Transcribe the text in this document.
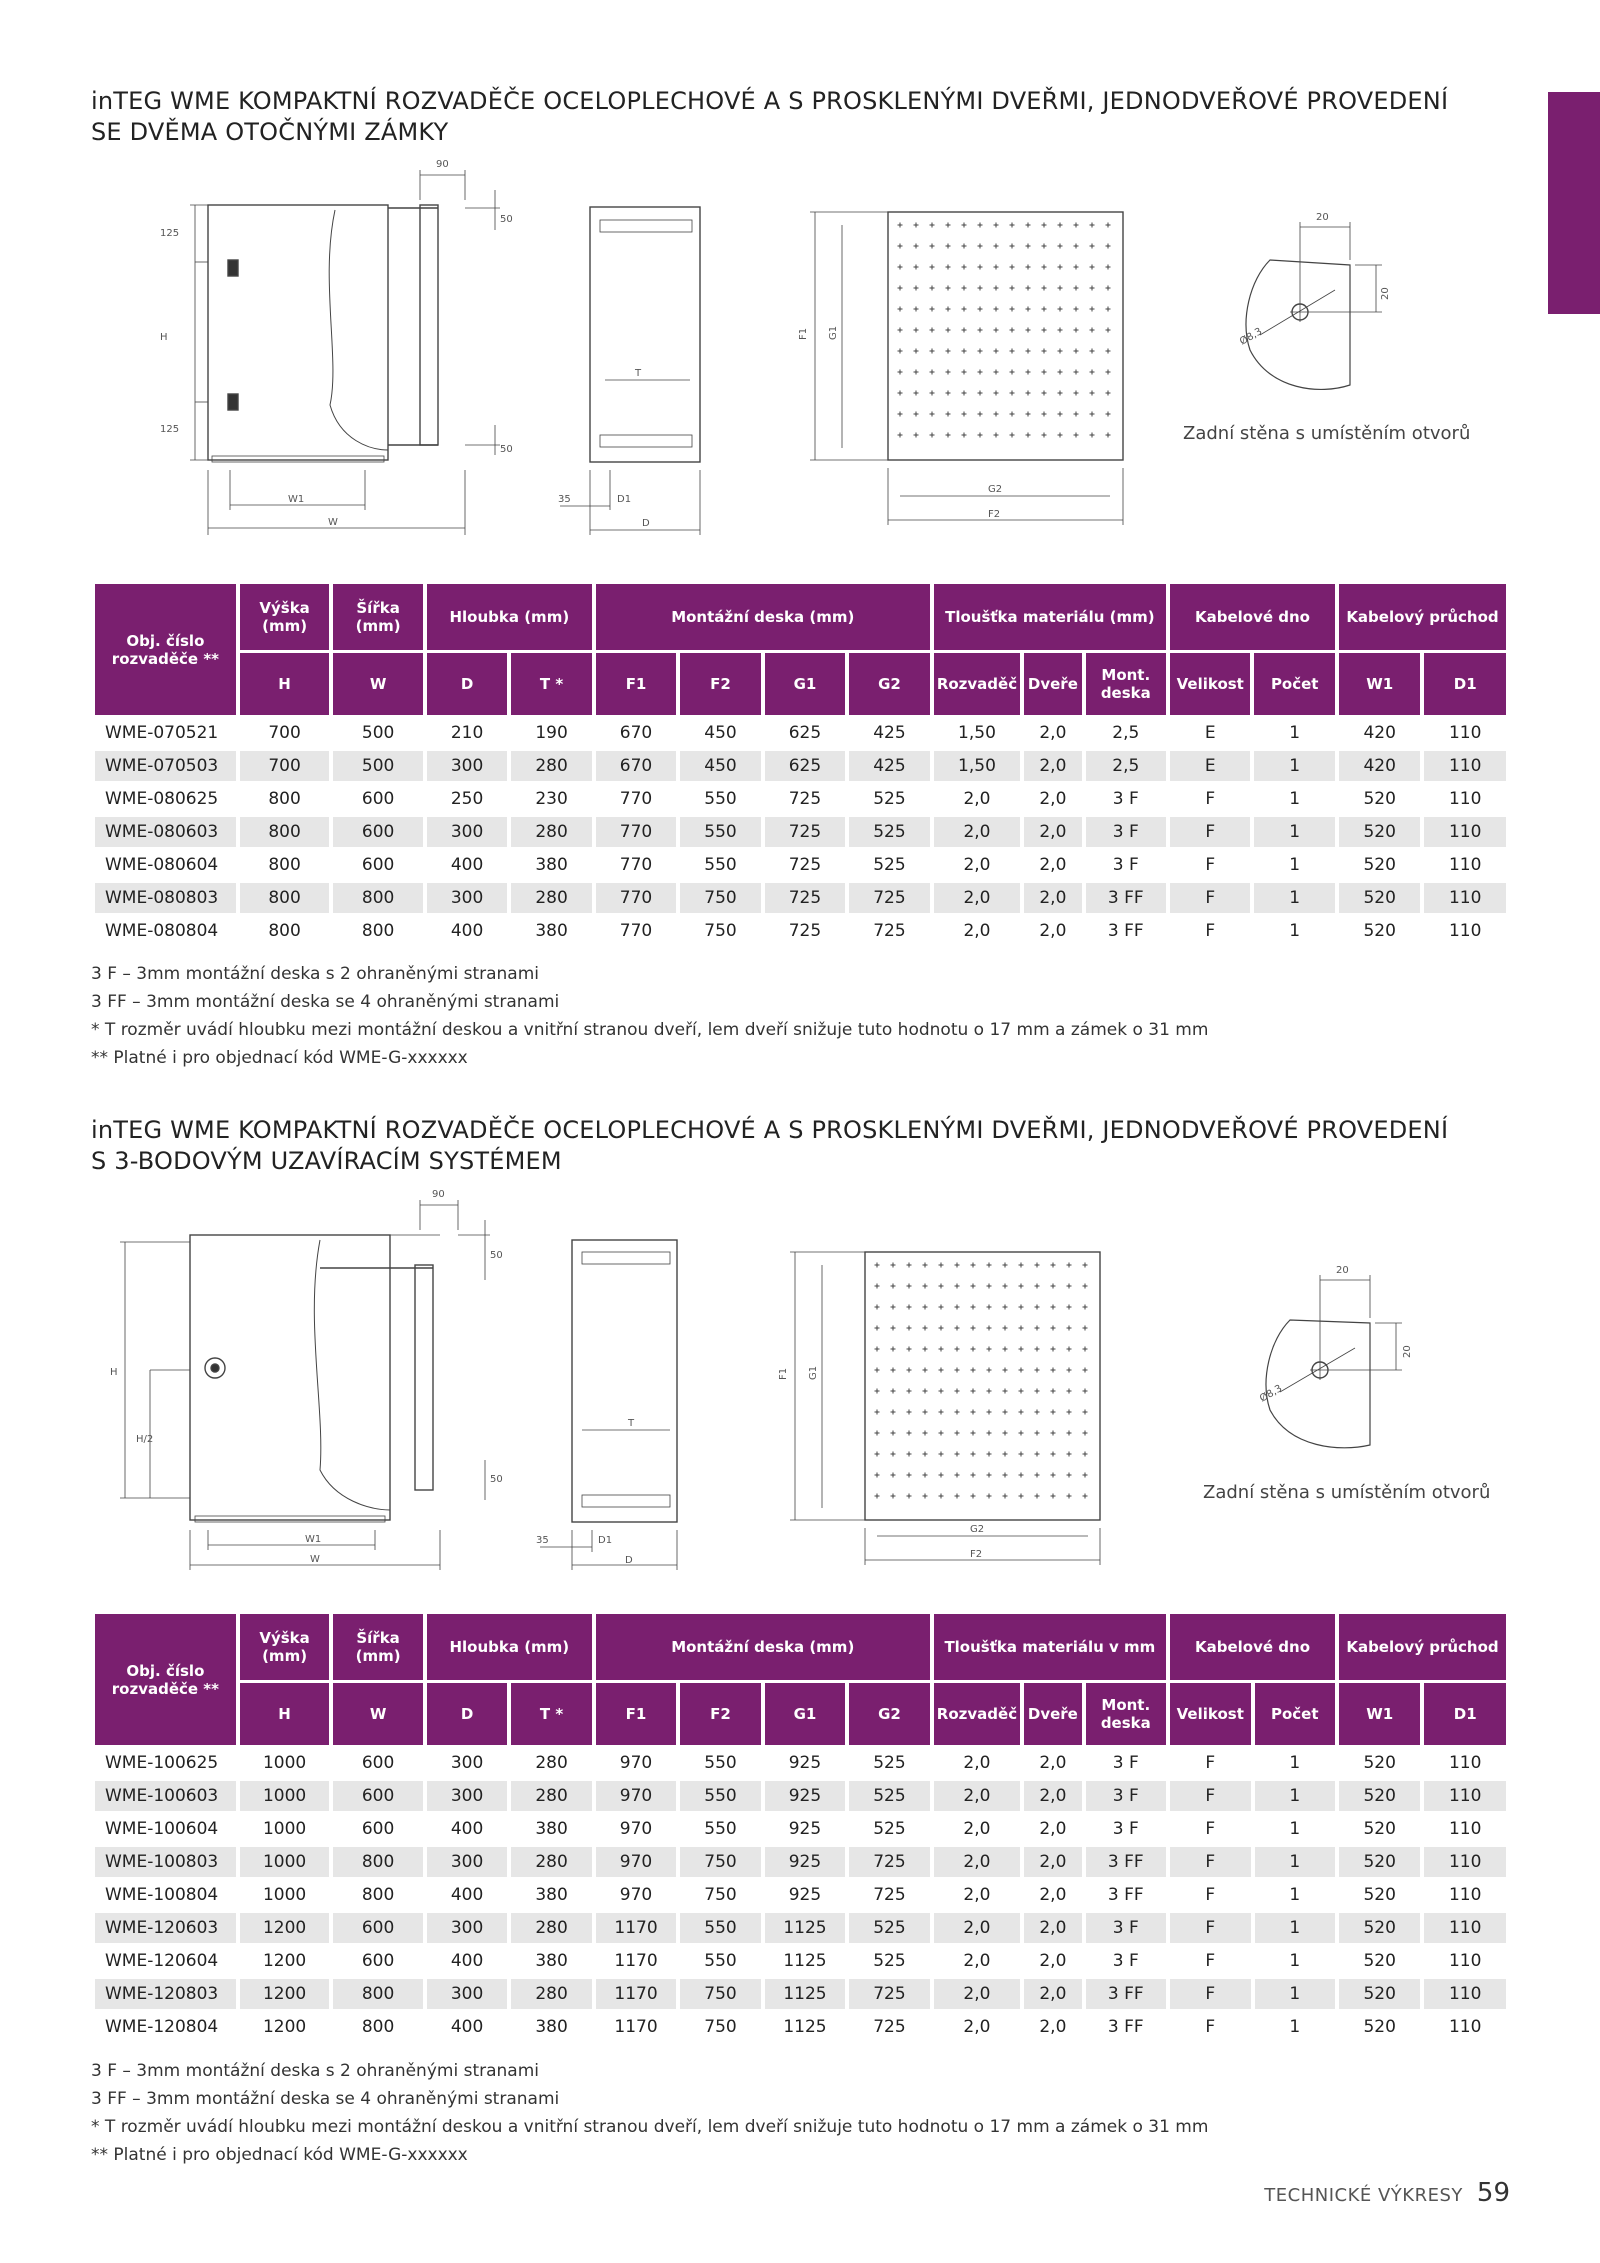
inTEG WME KOMPAKTNÍ ROZVADĚČE OCELOPLECHOVÉ A S PROSKLENÝMI DVEŘMI, JEDNODVEŘOVÉ PROVEDENÍ
SE DVĚMA OTOČNÝMI ZÁMKY
90
50
125
H
125
50
W1
W
T
35	D1
D
F1 G1
G2
F2
20
20
Ø8,3
Zadní stěna s umístěním otvorů
Obj. číslo rozvaděče **	Výška (mm)	Šířka (mm)	Hloubka (mm)		Montážní deska (mm)				Tloušťka materiálu (mm)			Kabelové dno		Kabelový průchod	
	H	W	D	T *	F1	F2	G1	G2	Rozvaděč	Dveře	Mont. deska	Velikost	Počet	W1	D1
WME-070521	700	500	210	190	670	450	625	425	1,50	2,0	2,5	E	1	420	110
WME-070503	700	500	300	280	670	450	625	425	1,50	2,0	2,5	E	1	420	110
WME-080625	800	600	250	230	770	550	725	525	2,0	2,0	3 F	F	1	520	110
WME-080603	800	600	300	280	770	550	725	525	2,0	2,0	3 F	F	1	520	110
WME-080604	800	600	400	380	770	550	725	525	2,0	2,0	3 F	F	1	520	110
WME-080803	800	800	300	280	770	750	725	725	2,0	2,0	3 FF	F	1	520	110
WME-080804	800	800	400	380	770	750	725	725	2,0	2,0	3 FF	F	1	520	110
3 F – 3mm montážní deska s 2 ohraněnými stranami
3 FF – 3mm montážní deska se 4 ohraněnými stranami
* T rozměr uvádí hloubku mezi montážní deskou a vnitřní stranou dveří, lem dveří snižuje tuto hodnotu o 17 mm a zámek o 31 mm
** Platné i pro objednací kód WME-G-xxxxxx
inTEG WME KOMPAKTNÍ ROZVADĚČE OCELOPLECHOVÉ A S PROSKLENÝMI DVEŘMI, JEDNODVEŘOVÉ PROVEDENÍ
S 3-BODOVÝM UZAVÍRACÍM SYSTÉMEM
90
50
H
H/2
50
W1
W
T
35	D1
D
F1 G1
G2
F2
20
20
Ø8,3
Zadní stěna s umístěním otvorů
Obj. číslo rozvaděče **	Výška (mm)	Šířka (mm)	Hloubka (mm)		Montážní deska (mm)				Tloušťka materiálu v mm			Kabelové dno		Kabelový průchod	
	H	W	D	T *	F1	F2	G1	G2	Rozvaděč	Dveře	Mont. deska	Velikost	Počet	W1	D1
WME-100625	1000	600	300	280	970	550	925	525	2,0	2,0	3 F	F	1	520	110
WME-100603	1000	600	300	280	970	550	925	525	2,0	2,0	3 F	F	1	520	110
WME-100604	1000	600	400	380	970	550	925	525	2,0	2,0	3 F	F	1	520	110
WME-100803	1000	800	300	280	970	750	925	725	2,0	2,0	3 FF	F	1	520	110
WME-100804	1000	800	400	380	970	750	925	725	2,0	2,0	3 FF	F	1	520	110
WME-120603	1200	600	300	280	1170	550	1125	525	2,0	2,0	3 F	F	1	520	110
WME-120604	1200	600	400	380	1170	550	1125	525	2,0	2,0	3 F	F	1	520	110
WME-120803	1200	800	300	280	1170	750	1125	725	2,0	2,0	3 FF	F	1	520	110
WME-120804	1200	800	400	380	1170	750	1125	725	2,0	2,0	3 FF	F	1	520	110
3 F – 3mm montážní deska s 2 ohraněnými stranami
3 FF – 3mm montážní deska se 4 ohraněnými stranami
* T rozměr uvádí hloubku mezi montážní deskou a vnitřní stranou dveří, lem dveří snižuje tuto hodnotu o 17 mm a zámek o 31 mm
** Platné i pro objednací kód WME-G-xxxxxx
TECHNICKÉ VÝKRESY 59
